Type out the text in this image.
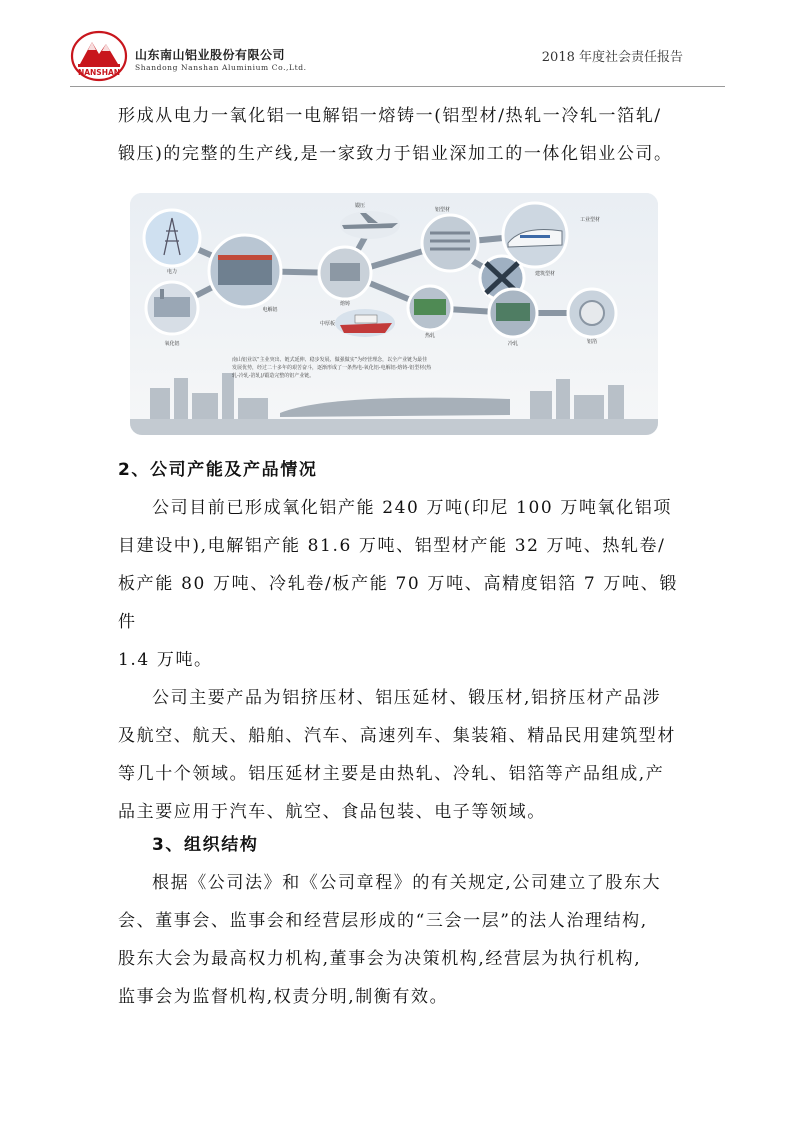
NANSHAN
山东南山铝业股份有限公司
Shandong Nanshan Aluminium Co.,Ltd.
2018 年度社会责任报告

形成从电力一氧化铝一电解铝一熔铸一(铝型材/热轧一冷轧一箔轧/

锻压)的完整的生产线,是一家致力于铝业深加工的一体化铝业公司。

电力
氧化铝
电解铝
熔铸
锻压
铝型材
工业型材
建筑型材
中厚板
热轧
冷轧	铝箔
南山铝业以“主业突出、链式延伸、稳步发展、做强做实”为经营理念，以全产业链为最佳
发展优势，经过二十多年的艰苦奋斗，逐渐形成了一条热电-氧化铝-电解铝-熔铸-铝型材(热
轧-冷轧-箔轧)/锻造完整的铝产业链。

2、公司产能及产品情况

公司目前已形成氧化铝产能 240 万吨(印尼 100 万吨氧化铝项

目建设中),电解铝产能 81.6 万吨、铝型材产能 32 万吨、热轧卷/

板产能 80 万吨、冷轧卷/板产能 70 万吨、高精度铝箔 7 万吨、锻件

1.4 万吨。

公司主要产品为铝挤压材、铝压延材、锻压材,铝挤压材产品涉

及航空、航天、船舶、汽车、高速列车、集装箱、精品民用建筑型材

等几十个领域。铝压延材主要是由热轧、冷轧、铝箔等产品组成,产

品主要应用于汽车、航空、食品包装、电子等领域。

3、组织结构

根据《公司法》和《公司章程》的有关规定,公司建立了股东大

会、董事会、监事会和经营层形成的“三会一层”的法人治理结构,

股东大会为最高权力机构,董事会为决策机构,经营层为执行机构,

监事会为监督机构,权责分明,制衡有效。
